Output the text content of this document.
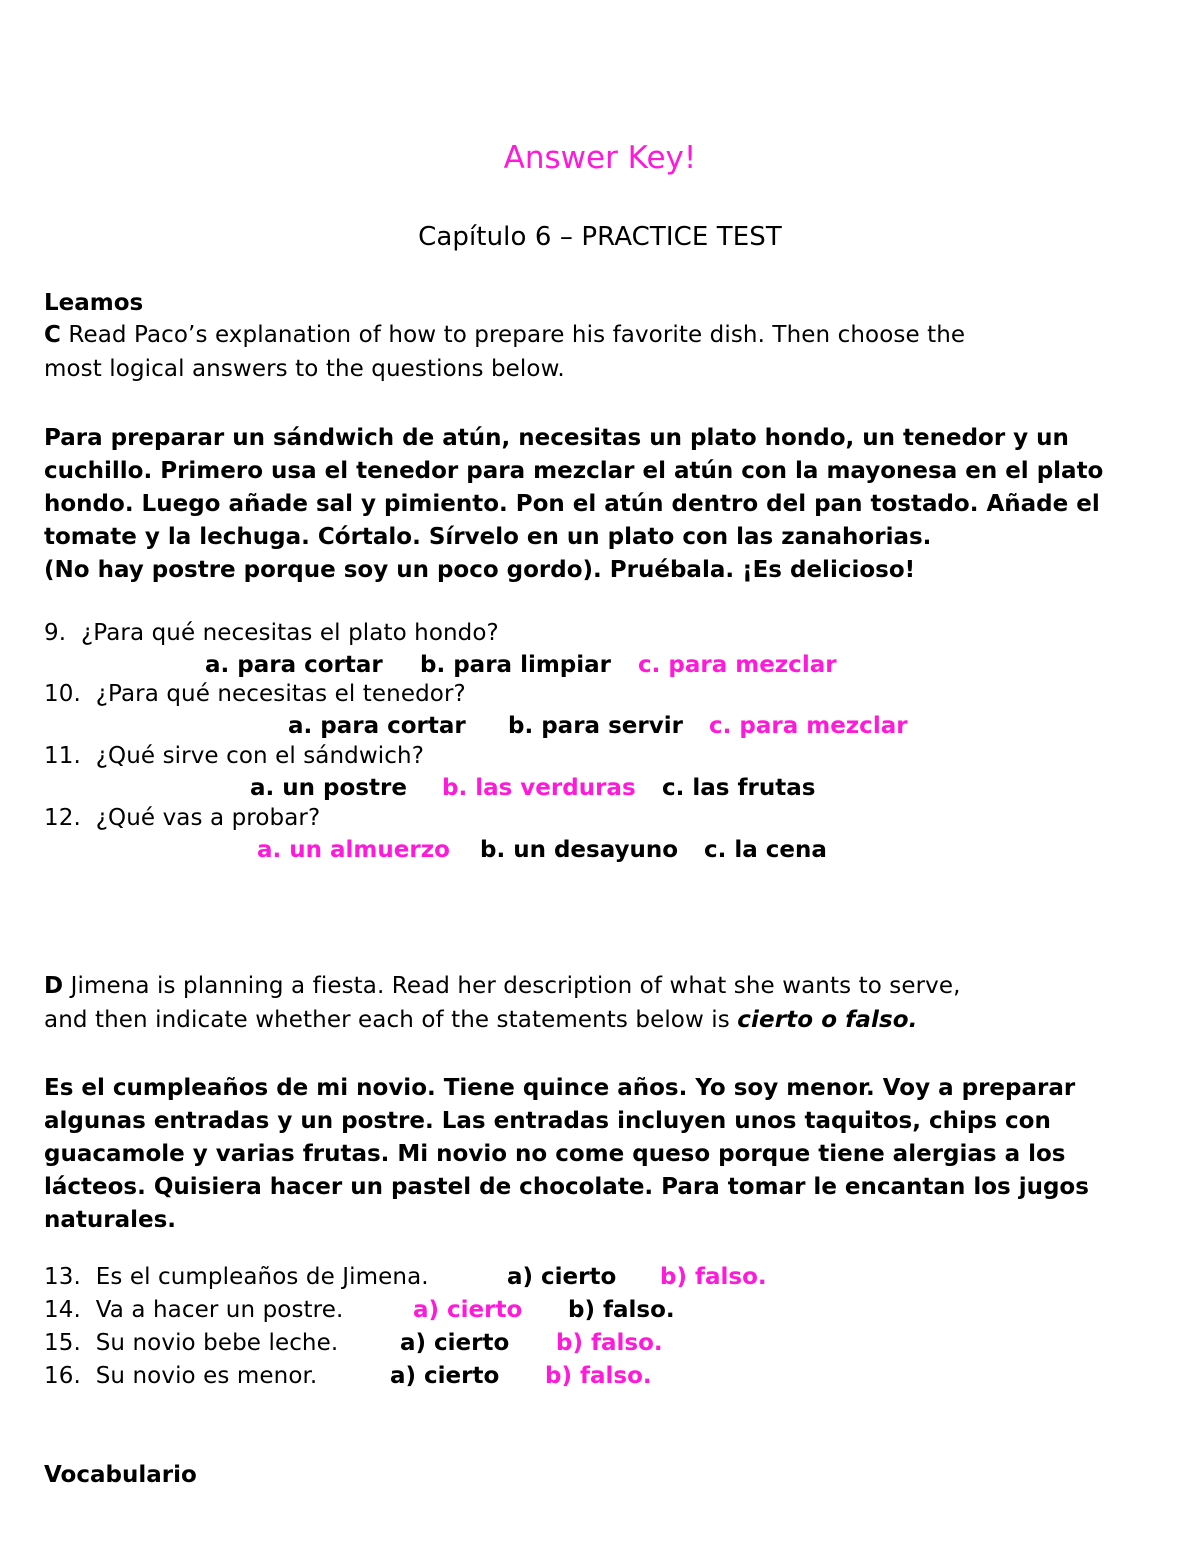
Answer Key!
Capítulo 6 – PRACTICE TEST
Leamos
C Read Paco’s explanation of how to prepare his favorite dish. Then choose the
most logical answers to the questions below.
Para preparar un sándwich de atún, necesitas un plato hondo, un tenedor y un
cuchillo. Primero usa el tenedor para mezclar el atún con la mayonesa en el plato
hondo. Luego añade sal y pimiento. Pon el atún dentro del pan tostado. Añade el
tomate y la lechuga. Córtalo. Sírvelo en un plato con las zanahorias.
(No hay postre porque soy un poco gordo). Pruébala. ¡Es delicioso!
9. ¿Para qué necesitas el plato hondo?
a. para cortar b. para limpiar c. para mezclar
10. ¿Para qué necesitas el tenedor?
a. para cortar b. para servir c. para mezclar
11. ¿Qué sirve con el sándwich?
a. un postre b. las verduras c. las frutas
12. ¿Qué vas a probar?
a. un almuerzo b. un desayuno c. la cena
D Jimena is planning a fiesta. Read her description of what she wants to serve,
and then indicate whether each of the statements below is cierto o falso.
Es el cumpleaños de mi novio. Tiene quince años. Yo soy menor. Voy a preparar
algunas entradas y un postre. Las entradas incluyen unos taquitos, chips con
guacamole y varias frutas. Mi novio no come queso porque tiene alergias a los
lácteos. Quisiera hacer un pastel de chocolate. Para tomar le encantan los jugos
naturales.
13. Es el cumpleaños de Jimena.	a) cierto b) falso.
14. Va a hacer un postre.	a) cierto b) falso.
15. Su novio bebe leche.	a) cierto b) falso.
16.  Su novio es menor.	a) cierto b) falso.
Vocabulario
